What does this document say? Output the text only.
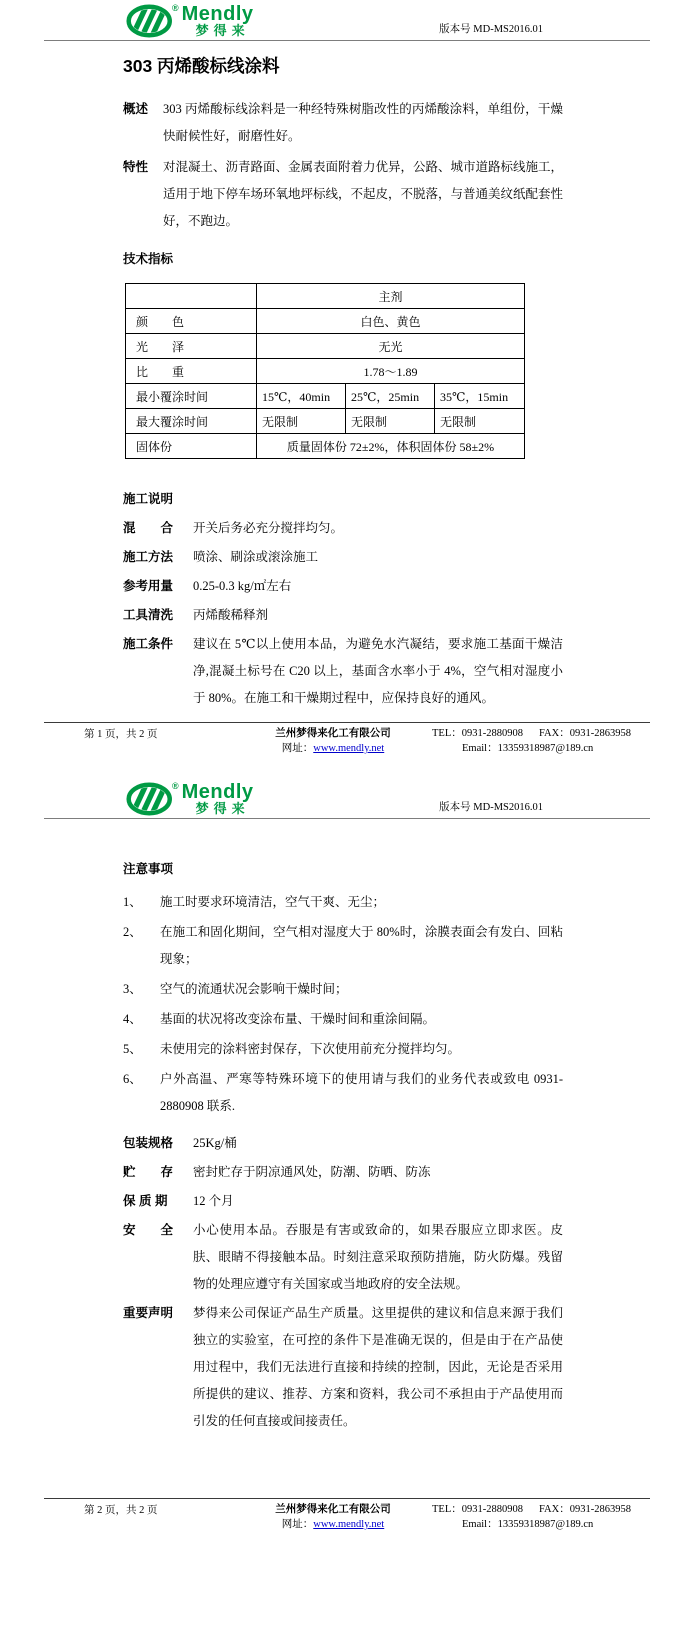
® Mendly
梦得来	版本号 MD-MS2016.01
303 丙烯酸标线涂料
概述	303 丙烯酸标线涂料是一种经特殊树脂改性的丙烯酸涂料，单组份，干燥快耐候性好，耐磨性好。
特性	对混凝土、沥青路面、金属表面附着力优异，公路、城市道路标线施工，适用于地下停车场环氧地坪标线，不起皮，不脱落，与普通美纹纸配套性好，不跑边。
技术指标
	主剂		
颜　　色	白色、黄色		
光　　泽	无光		
比　　重	1.78～1.89		
最小覆涂时间	15℃，40min	25℃，25min	35℃，15min
最大覆涂时间	无限制	无限制	无限制
固体份	质量固体份 72±2%，体积固体份 58±2%		
施工说明
混　　合	开关后务必充分搅拌均匀。
施工方法	喷涂、刷涂或滚涂施工
参考用量	0.25-0.3 kg/㎡左右
工具清洗	丙烯酸稀释剂
施工条件	建议在 5℃以上使用本品，为避免水汽凝结，要求施工基面干燥洁净,混凝土标号在 C20 以上，基面含水率小于 4%，空气相对湿度小于 80%。在施工和干燥期过程中，应保持良好的通风。
第 1 页，共 2 页	兰州梦得来化工有限公司
网址：www.mendly.net
TEL：0931-2880908 FAX：0931-2863958
Email：13359318987@189.cn
® Mendly
梦得来	版本号 MD-MS2016.01
注意事项
1、	施工时要求环境清洁，空气干爽、无尘；
2、	在施工和固化期间，空气相对湿度大于 80%时，涂膜表面会有发白、回粘现象；
3、	空气的流通状况会影响干燥时间；
4、	基面的状况将改变涂布量、干燥时间和重涂间隔。
5、	未使用完的涂料密封保存，下次使用前充分搅拌均匀。
6、	户外高温、严寒等特殊环境下的使用请与我们的业务代表或致电 0931-2880908 联系.
包装规格	25Kg/桶
贮　　存	密封贮存于阴凉通风处，防潮、防晒、防冻
保 质 期	12 个月
安　　全	小心使用本品。吞服是有害或致命的，如果吞服应立即求医。皮肤、眼睛不得接触本品。时刻注意采取预防措施，防火防爆。残留物的处理应遵守有关国家或当地政府的安全法规。
重要声明	梦得来公司保证产品生产质量。这里提供的建议和信息来源于我们独立的实验室，在可控的条件下是准确无误的，但是由于在产品使用过程中，我们无法进行直接和持续的控制，因此，无论是否采用所提供的建议、推荐、方案和资料，我公司不承担由于产品使用而引发的任何直接或间接责任。
第 2 页，共 2 页	兰州梦得来化工有限公司
网址：www.mendly.net
TEL：0931-2880908 FAX：0931-2863958
Email：13359318987@189.cn
